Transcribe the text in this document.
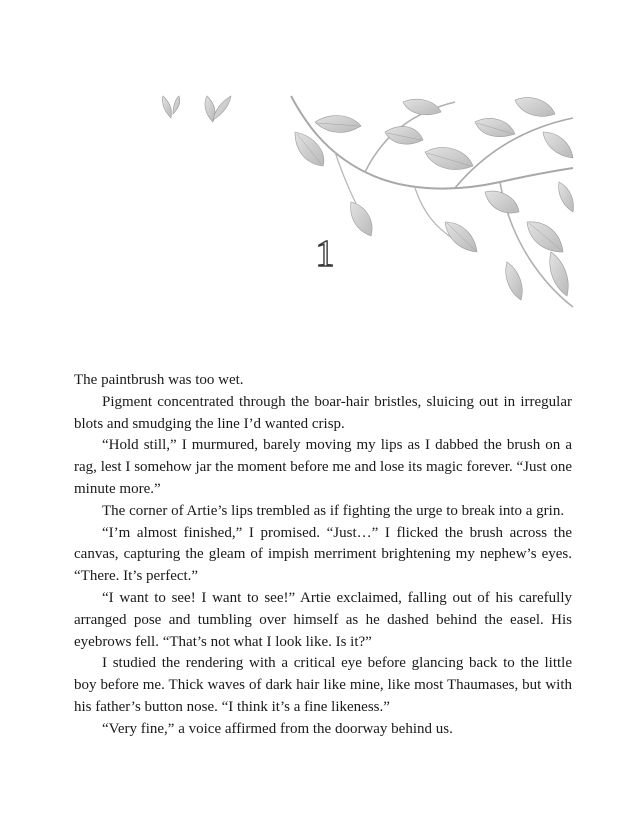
1

The paintbrush was too wet.

Pigment concentrated through the boar-hair bristles, sluicing out in irregular blots and smudging the line I’d wanted crisp.

“Hold still,” I murmured, barely moving my lips as I dabbed the brush on a rag, lest I somehow jar the moment before me and lose its magic forever. “Just one minute more.”

The corner of Artie’s lips trembled as if fighting the urge to break into a grin.

“I’m almost finished,” I promised. “Just…” I flicked the brush across the canvas, capturing the gleam of impish merriment brightening my nephew’s eyes. “There. It’s perfect.”

“I want to see! I want to see!” Artie exclaimed, falling out of his carefully arranged pose and tumbling over himself as he dashed behind the easel. His eyebrows fell. “That’s not what I look like. Is it?”

I studied the rendering with a critical eye before glancing back to the little boy before me. Thick waves of dark hair like mine, like most Thaumases, but with his father’s button nose. “I think it’s a fine likeness.”

“Very fine,” a voice affirmed from the doorway behind us.
